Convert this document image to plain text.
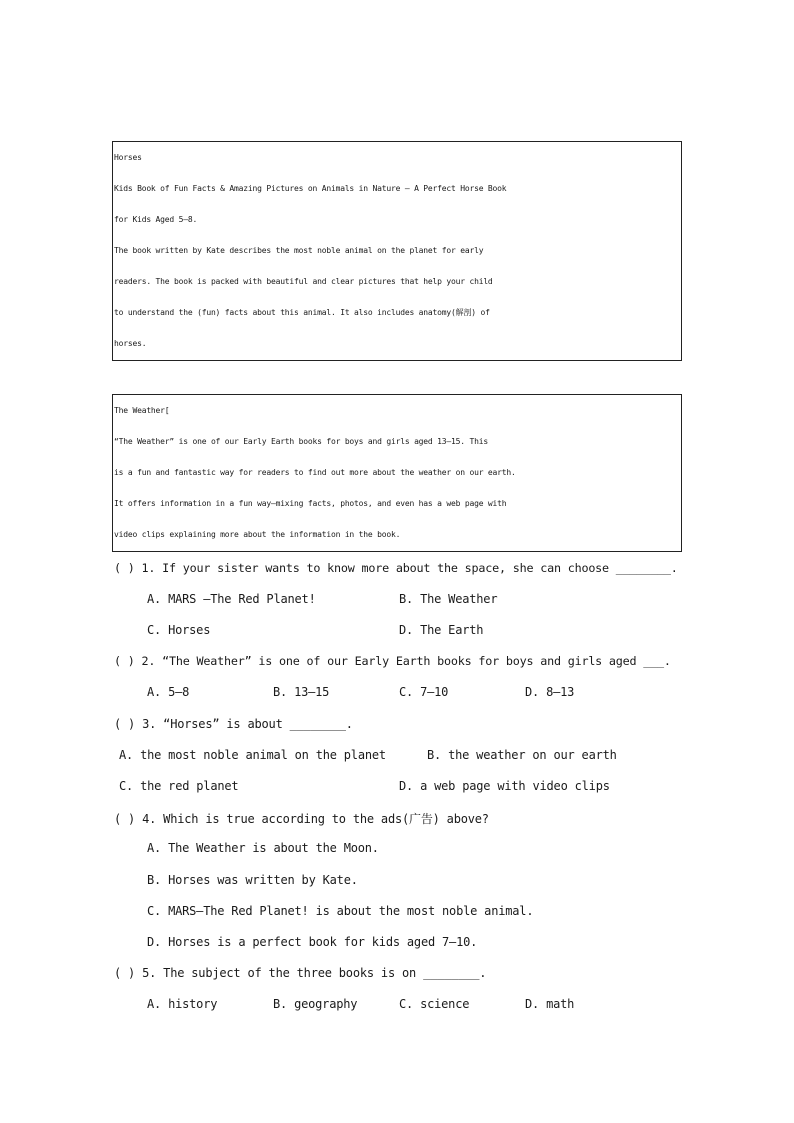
Horses
Kids Book of Fun Facts & Amazing Pictures on Animals in Nature — A Perfect Horse Book
for Kids Aged 5—8.
The book written by Kate describes the most noble animal on the planet for early
readers. The book is packed with beautiful and clear pictures that help your child
to understand the (fun) facts about this animal. It also includes anatomy(解剖) of
horses.
The Weather[
“The Weather” is one of our Early Earth books for boys and girls aged 13—15. This
is a fun and fantastic way for readers to find out more about the weather on our earth.
It offers information in a fun way—mixing facts, photos, and even has a web page with
video clips explaining more about the information in the book.
( ) 1. If your sister wants to know more about the space, she can choose ________.
A. MARS —The Red Planet!	B. The Weather
C. Horses	D. The Earth
( ) 2. “The Weather” is one of our Early Earth books for boys and girls aged ___.
A. 5—8	B. 13—15	C. 7—10	D. 8—13
( ) 3. “Horses” is about ________.
A. the most noble animal on the planet	B. the weather on our earth
C. the red planet	D. a web page with video clips
( ) 4. Which is true according to the ads(广告) above?
A. The Weather is about the Moon.
B. Horses was written by Kate.
C. MARS—The Red Planet! is about the most noble animal.
D. Horses is a perfect book for kids aged 7—10.
( ) 5. The subject of the three books is on ________.
A. history	B. geography	C. science	D. math
